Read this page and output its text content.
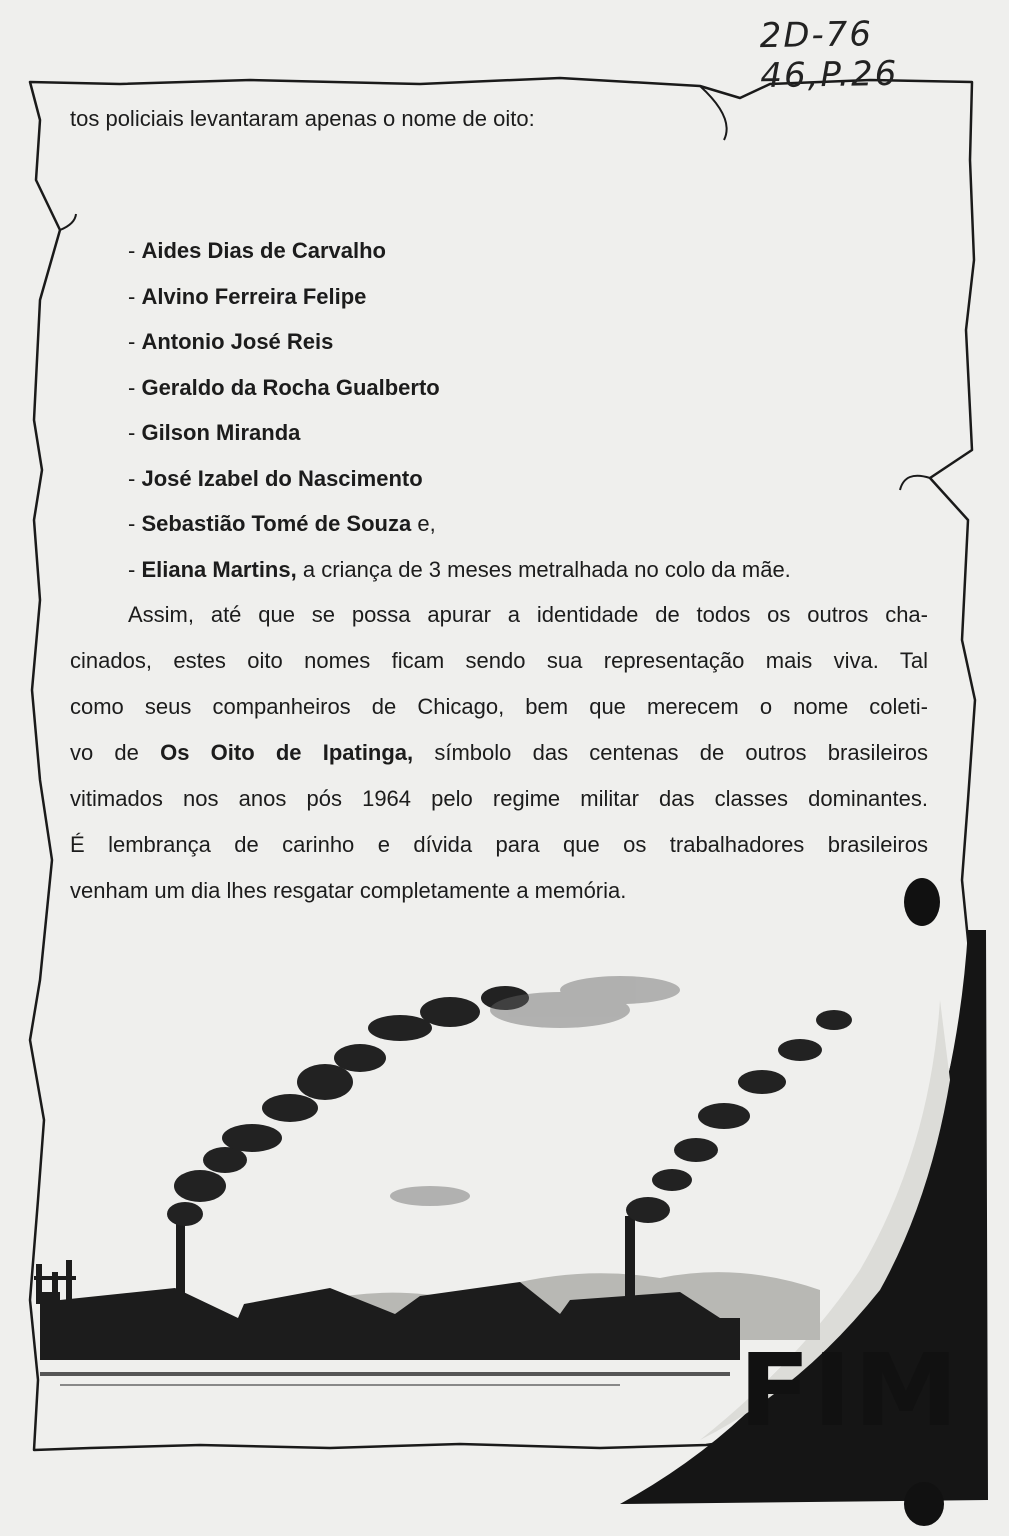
2D-76 46,P.26
tos policiais levantaram apenas o nome de oito:
- Aides Dias de Carvalho
- Alvino Ferreira Felipe
- Antonio José Reis
- Geraldo da Rocha Gualberto
- Gilson Miranda
- José Izabel do Nascimento
- Sebastião Tomé de Souza e,
- Eliana Martins, a criança de 3 meses metralhada no colo da mãe.
Assim, até que se possa apurar a identidade de todos os outros cha-
cinados, estes oito nomes ficam sendo sua representação mais viva. Tal
como seus companheiros de Chicago, bem que merecem o nome coleti-
vo de Os Oito de Ipatinga, símbolo das centenas de outros brasileiros
vitimados nos anos pós 1964 pelo regime militar das classes dominantes.
É lembrança de carinho e dívida para que os trabalhadores brasileiros
venham um dia lhes resgatar completamente a memória.
FIM
